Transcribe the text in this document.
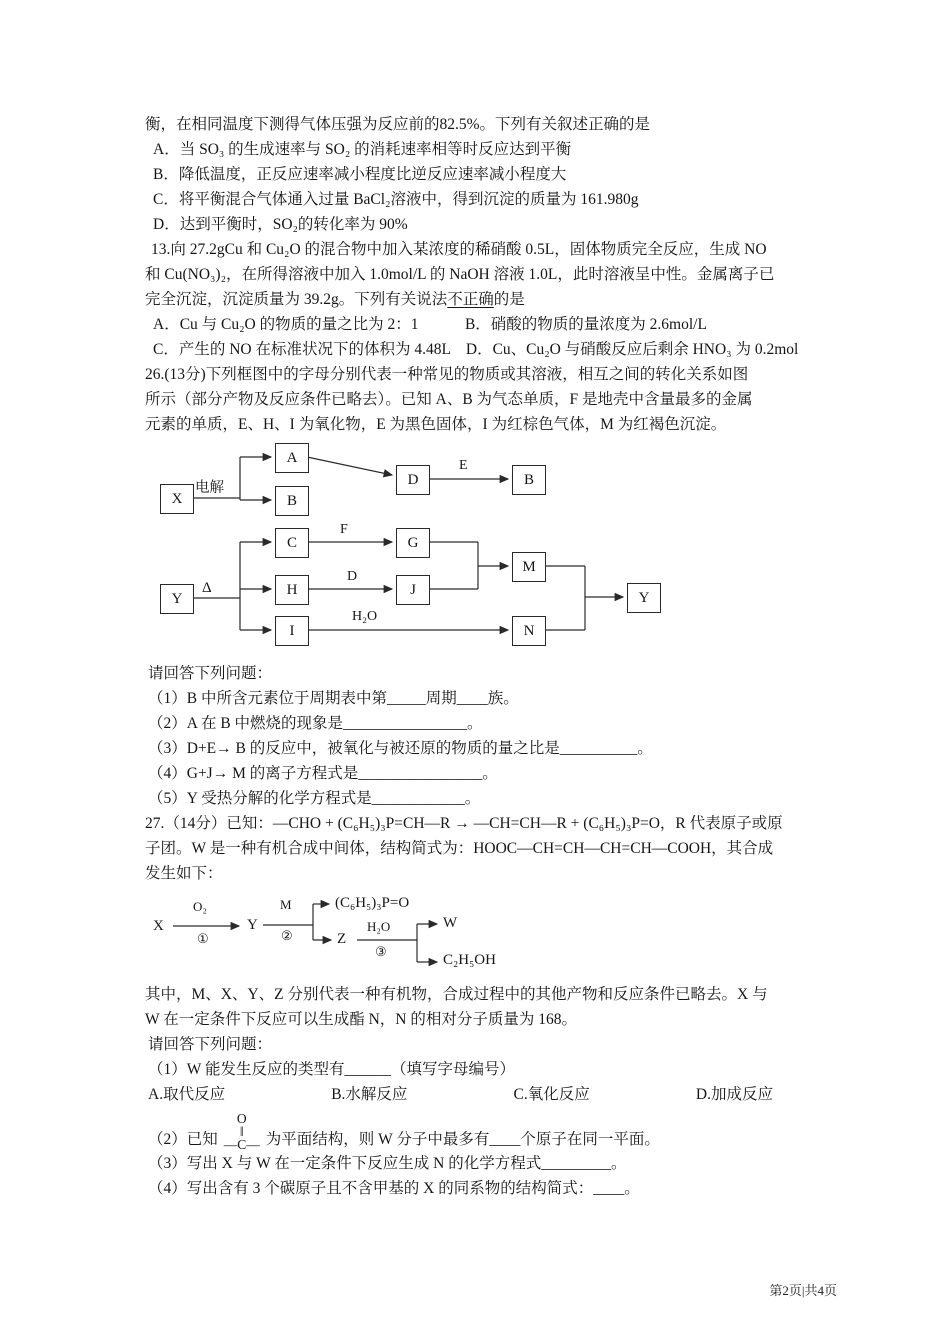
衡，在相同温度下测得气体压强为反应前的82.5%。下列有关叙述正确的是

A．当 SO₃ 的生成速率与 SO₂ 的消耗速率相等时反应达到平衡

B．降低温度，正反应速率减小程度比逆反应速率减小程度大

C．将平衡混合气体通入过量 BaCl₂溶液中，得到沉淀的质量为 161.980g

D．达到平衡时，SO₂的转化率为 90%

13.向 27.2gCu 和 Cu₂O 的混合物中加入某浓度的稀硝酸 0.5L，固体物质完全反应，生成 NO

和 Cu(NO₃)₂，在所得溶液中加入 1.0mol/L 的 NaOH 溶液 1.0L，此时溶液呈中性。金属离子已

完全沉淀，沉淀质量为 39.2g。下列有关说法不正确的是

A．Cu 与 Cu₂O 的物质的量之比为 2：1　　　B．硝酸的物质的量浓度为 2.6mol/L

C．产生的 NO 在标准状况下的体积为 4.48L　D．Cu、Cu₂O 与硝酸反应后剩余 HNO₃ 为 0.2mol

26.(13分)下列框图中的字母分别代表一种常见的物质或其溶液，相互之间的转化关系如图

所示（部分产物及反应条件已略去）。已知 A、B 为气态单质，F 是地壳中含量最多的金属

元素的单质，E、H、I 为氧化物，E 为黑色固体，I 为红棕色气体，M 为红褐色沉淀。

X
A
B
C
H
I
Y
D
G
J
B
M
N
Y
电解
Δ
E
F
D
H₂O

请回答下列问题：

（1）B 中所含元素位于周期表中第_____周期____族。

（2）A 在 B 中燃烧的现象是________________。

（3）D+E→ B 的反应中，被氧化与被还原的物质的量之比是__________。

（4）G+J→ M 的离子方程式是________________。

（5）Y 受热分解的化学方程式是____________。

27.（14分）已知：—CHO + (C₆H₅)₃P=CH—R → —CH=CH—R + (C₆H₅)₃P=O，R 代表原子或原

子团。W 是一种有机合成中间体，结构简式为：HOOC—CH=CH—CH=CH—COOH，其合成

发生如下：

X
O₂
①
Y
M
②
(C₆H₅)₃P=O
Z
H₂O
③
W
C₂H₅OH

其中，M、X、Y、Z 分别代表一种有机物，合成过程中的其他产物和反应条件已略去。X 与

W 在一定条件下反应可以生成酯 N，N 的相对分子质量为 168。

请回答下列问题：

（1）W 能发生反应的类型有______（填写字母编号）

A.取代反应	B.水解反应	C.氧化反应	D.加成反应

（2）已知
O
‖
—C— 为平面结构，则 W 分子中最多有____个原子在同一平面。

（3）写出 X 与 W 在一定条件下反应生成 N 的化学方程式_________。

（4）写出含有 3 个碳原子且不含甲基的 X 的同系物的结构简式：____。

第2页|共4页
